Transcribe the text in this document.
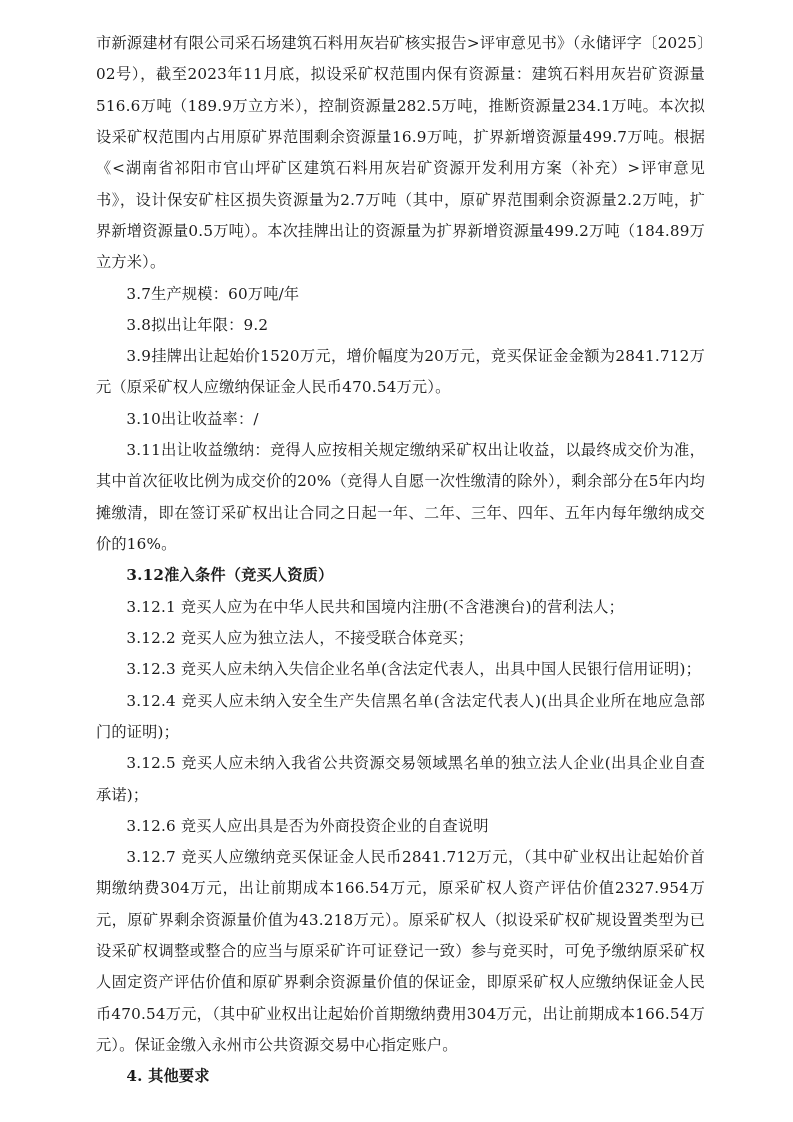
市新源建材有限公司采石场建筑石料用灰岩矿核实报告>评审意见书》（永储评字〔2025〕02号），截至2023年11月底，拟设采矿权范围内保有资源量：建筑石料用灰岩矿资源量516.6万吨（189.9万立方米），控制资源量282.5万吨，推断资源量234.1万吨。本次拟设采矿权范围内占用原矿界范围剩余资源量16.9万吨，扩界新增资源量499.7万吨。根据《<湖南省祁阳市官山坪矿区建筑石料用灰岩矿资源开发利用方案（补充）>评审意见书》，设计保安矿柱区损失资源量为2.7万吨（其中，原矿界范围剩余资源量2.2万吨，扩界新增资源量0.5万吨）。本次挂牌出让的资源量为扩界新增资源量499.2万吨（184.89万立方米）。

3.7生产规模：60万吨/年

3.8拟出让年限：9.2

3.9挂牌出让起始价1520万元，增价幅度为20万元，竞买保证金金额为2841.712万元（原采矿权人应缴纳保证金人民币470.54万元）。

3.10出让收益率：/

3.11出让收益缴纳：竞得人应按相关规定缴纳采矿权出让收益，以最终成交价为准，其中首次征收比例为成交价的20%（竞得人自愿一次性缴清的除外），剩余部分在5年内均摊缴清，即在签订采矿权出让合同之日起一年、二年、三年、四年、五年内每年缴纳成交价的16%。

3.12准入条件（竞买人资质）

3.12.1 竞买人应为在中华人民共和国境内注册(不含港澳台)的营利法人；

3.12.2 竞买人应为独立法人，不接受联合体竞买；

3.12.3 竞买人应未纳入失信企业名单(含法定代表人，出具中国人民银行信用证明)；

3.12.4 竞买人应未纳入安全生产失信黑名单(含法定代表人)(出具企业所在地应急部门的证明)；

3.12.5 竞买人应未纳入我省公共资源交易领域黑名单的独立法人企业(出具企业自查承诺)；

3.12.6 竞买人应出具是否为外商投资企业的自查说明

3.12.7 竞买人应缴纳竞买保证金人民币2841.712万元，（其中矿业权出让起始价首期缴纳费304万元，出让前期成本166.54万元，原采矿权人资产评估价值2327.954万元，原矿界剩余资源量价值为43.218万元）。原采矿权人（拟设采矿权矿规设置类型为已设采矿权调整或整合的应当与原采矿许可证登记一致）参与竞买时，可免予缴纳原采矿权人固定资产评估价值和原矿界剩余资源量价值的保证金，即原采矿权人应缴纳保证金人民币470.54万元，（其中矿业权出让起始价首期缴纳费用304万元，出让前期成本166.54万元）。保证金缴入永州市公共资源交易中心指定账户。

4. 其他要求
